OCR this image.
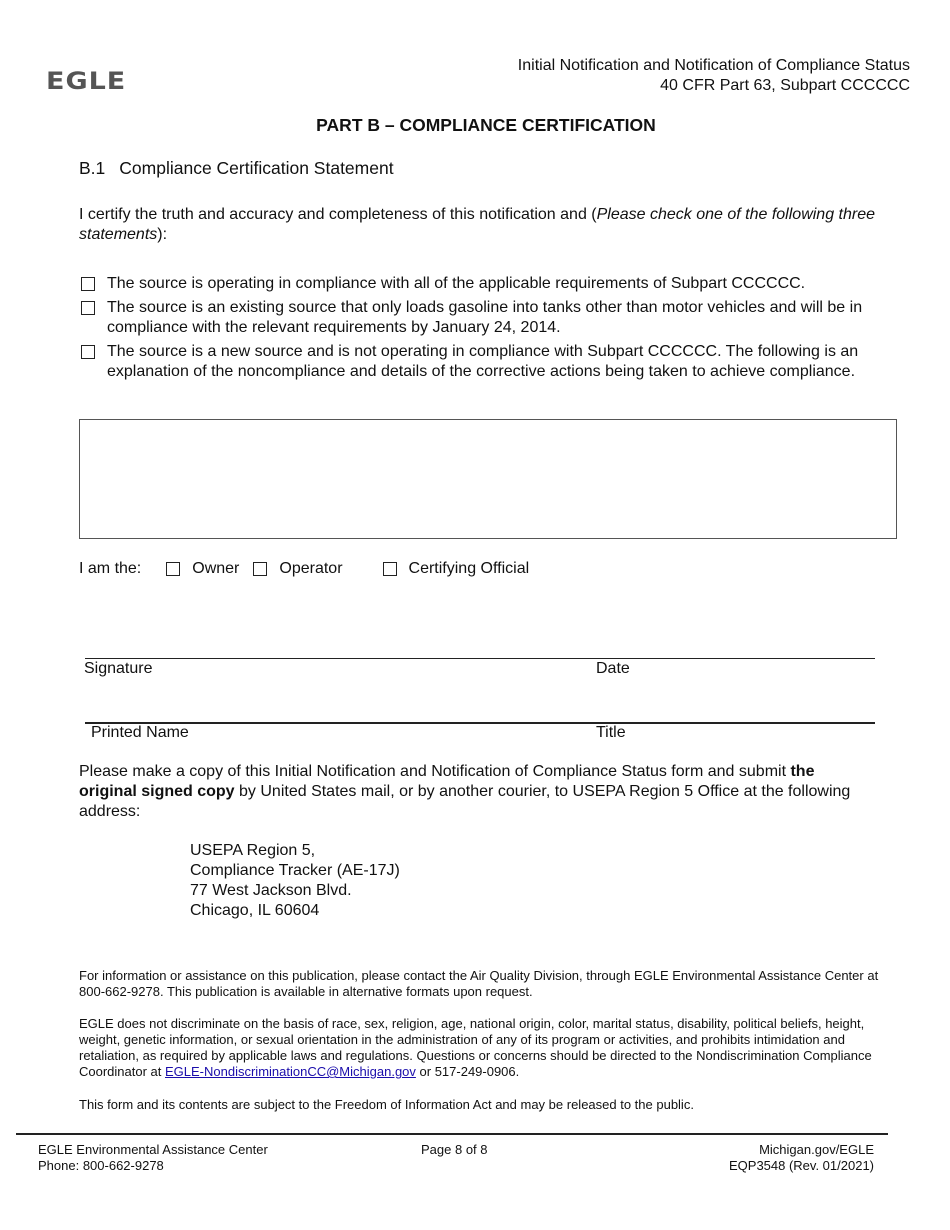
EGLE
Initial Notification and Notification of Compliance Status
40 CFR Part 63, Subpart CCCCCC
PART B – COMPLIANCE CERTIFICATION
B.1 Compliance Certification Statement
I certify the truth and accuracy and completeness of this notification and (Please check one of the following three statements):
The source is operating in compliance with all of the applicable requirements of Subpart CCCCCC.
The source is an existing source that only loads gasoline into tanks other than motor vehicles and will be in compliance with the relevant requirements by January 24, 2014.
The source is a new source and is not operating in compliance with Subpart CCCCCC. The following is an explanation of the noncompliance and details of the corrective actions being taken to achieve compliance.
I am the:	Owner	Operator	Certifying Official
Signature	Date
Printed Name	Title
Please make a copy of this Initial Notification and Notification of Compliance Status form and submit the original signed copy by United States mail, or by another courier, to USEPA Region 5 Office at the following address:
USEPA Region 5,
Compliance Tracker (AE-17J)
77 West Jackson Blvd.
Chicago, IL 60604
For information or assistance on this publication, please contact the Air Quality Division, through EGLE Environmental Assistance Center at 800-662-9278. This publication is available in alternative formats upon request.
EGLE does not discriminate on the basis of race, sex, religion, age, national origin, color, marital status, disability, political beliefs, height, weight, genetic information, or sexual orientation in the administration of any of its program or activities, and prohibits intimidation and retaliation, as required by applicable laws and regulations. Questions or concerns should be directed to the Nondiscrimination Compliance Coordinator at EGLE-NondiscriminationCC@Michigan.gov or 517-249-0906.
This form and its contents are subject to the Freedom of Information Act and may be released to the public.
EGLE Environmental Assistance Center
Phone: 800-662-9278
Page 8 of 8	Michigan.gov/EGLE
EQP3548 (Rev. 01/2021)
